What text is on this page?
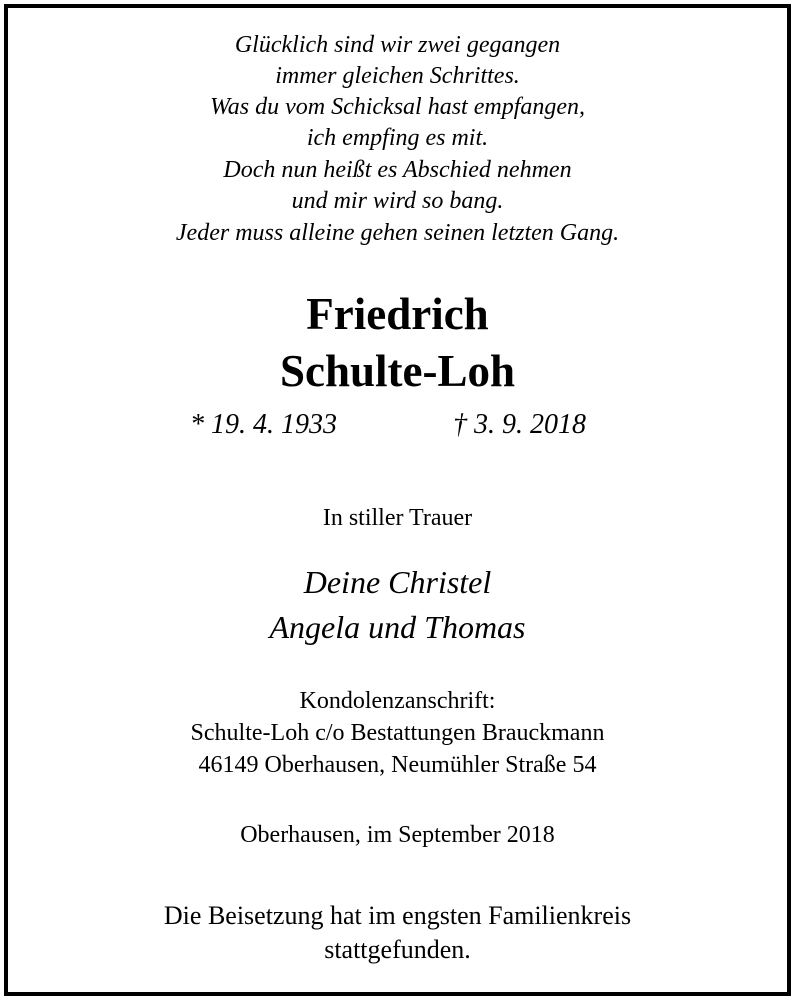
Glücklich sind wir zwei gegangen
immer gleichen Schrittes.
Was du vom Schicksal hast empfangen,
ich empfing es mit.
Doch nun heißt es Abschied nehmen
und mir wird so bang.
Jeder muss alleine gehen seinen letzten Gang.
Friedrich
Schulte-Loh
* 19. 4. 1933	† 3. 9. 2018
In stiller Trauer
Deine Christel
Angela und Thomas
Kondolenzanschrift:
Schulte-Loh c/o Bestattungen Brauckmann
46149 Oberhausen, Neumühler Straße 54
Oberhausen, im September 2018
Die Beisetzung hat im engsten Familienkreis
stattgefunden.
